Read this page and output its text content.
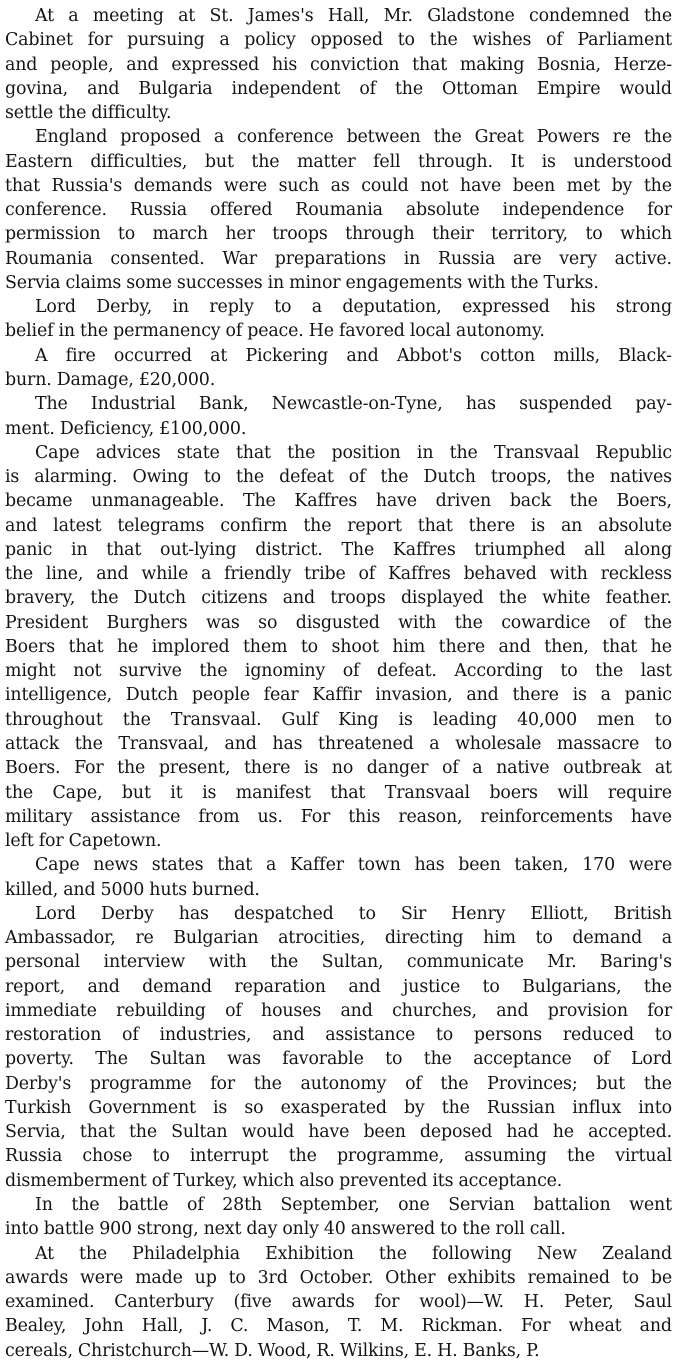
At a meeting at St. James's Hall, Mr. Gladstone condemned the
Cabinet for pursuing a policy opposed to the wishes of Parliament
and people, and expressed his conviction that making Bosnia, Herze-
govina, and Bulgaria independent of the Ottoman Empire would
settle the difficulty.
England proposed a conference between the Great Powers re the
Eastern difficulties, but the matter fell through. It is understood
that Russia's demands were such as could not have been met by the
conference. Russia offered Roumania absolute independence for
permission to march her troops through their territory, to which
Roumania consented. War preparations in Russia are very active.
Servia claims some successes in minor engagements with the Turks.
Lord Derby, in reply to a deputation, expressed his strong
belief in the permanency of peace. He favored local autonomy.
A fire occurred at Pickering and Abbot's cotton mills, Black-
burn. Damage, £20,000.
The Industrial Bank, Newcastle-on-Tyne, has suspended pay-
ment. Deficiency, £100,000.
Cape advices state that the position in the Transvaal Republic
is alarming. Owing to the defeat of the Dutch troops, the natives
became unmanageable. The Kaffres have driven back the Boers,
and latest telegrams confirm the report that there is an absolute
panic in that out-lying district. The Kaffres triumphed all along
the line, and while a friendly tribe of Kaffres behaved with reckless
bravery, the Dutch citizens and troops displayed the white feather.
President Burghers was so disgusted with the cowardice of the
Boers that he implored them to shoot him there and then, that he
might not survive the ignominy of defeat. According to the last
intelligence, Dutch people fear Kaffir invasion, and there is a panic
throughout the Transvaal. Gulf King is leading 40,000 men to
attack the Transvaal, and has threatened a wholesale massacre to
Boers. For the present, there is no danger of a native outbreak at
the Cape, but it is manifest that Transvaal boers will require
military assistance from us. For this reason, reinforcements have
left for Capetown.
Cape news states that a Kaffer town has been taken, 170 were
killed, and 5000 huts burned.
Lord Derby has despatched to Sir Henry Elliott, British
Ambassador, re Bulgarian atrocities, directing him to demand a
personal interview with the Sultan, communicate Mr. Baring's
report, and demand reparation and justice to Bulgarians, the
immediate rebuilding of houses and churches, and provision for
restoration of industries, and assistance to persons reduced to
poverty. The Sultan was favorable to the acceptance of Lord
Derby's programme for the autonomy of the Provinces; but the
Turkish Government is so exasperated by the Russian influx into
Servia, that the Sultan would have been deposed had he accepted.
Russia chose to interrupt the programme, assuming the virtual
dismemberment of Turkey, which also prevented its acceptance.
In the battle of 28th September, one Servian battalion went
into battle 900 strong, next day only 40 answered to the roll call.
At the Philadelphia Exhibition the following New Zealand
awards were made up to 3rd October. Other exhibits remained to be
examined. Canterbury (five awards for wool)—W. H. Peter, Saul
Bealey, John Hall, J. C. Mason, T. M. Rickman. For wheat and
cereals, Christchurch—W. D. Wood, R. Wilkins, E. H. Banks, P.
